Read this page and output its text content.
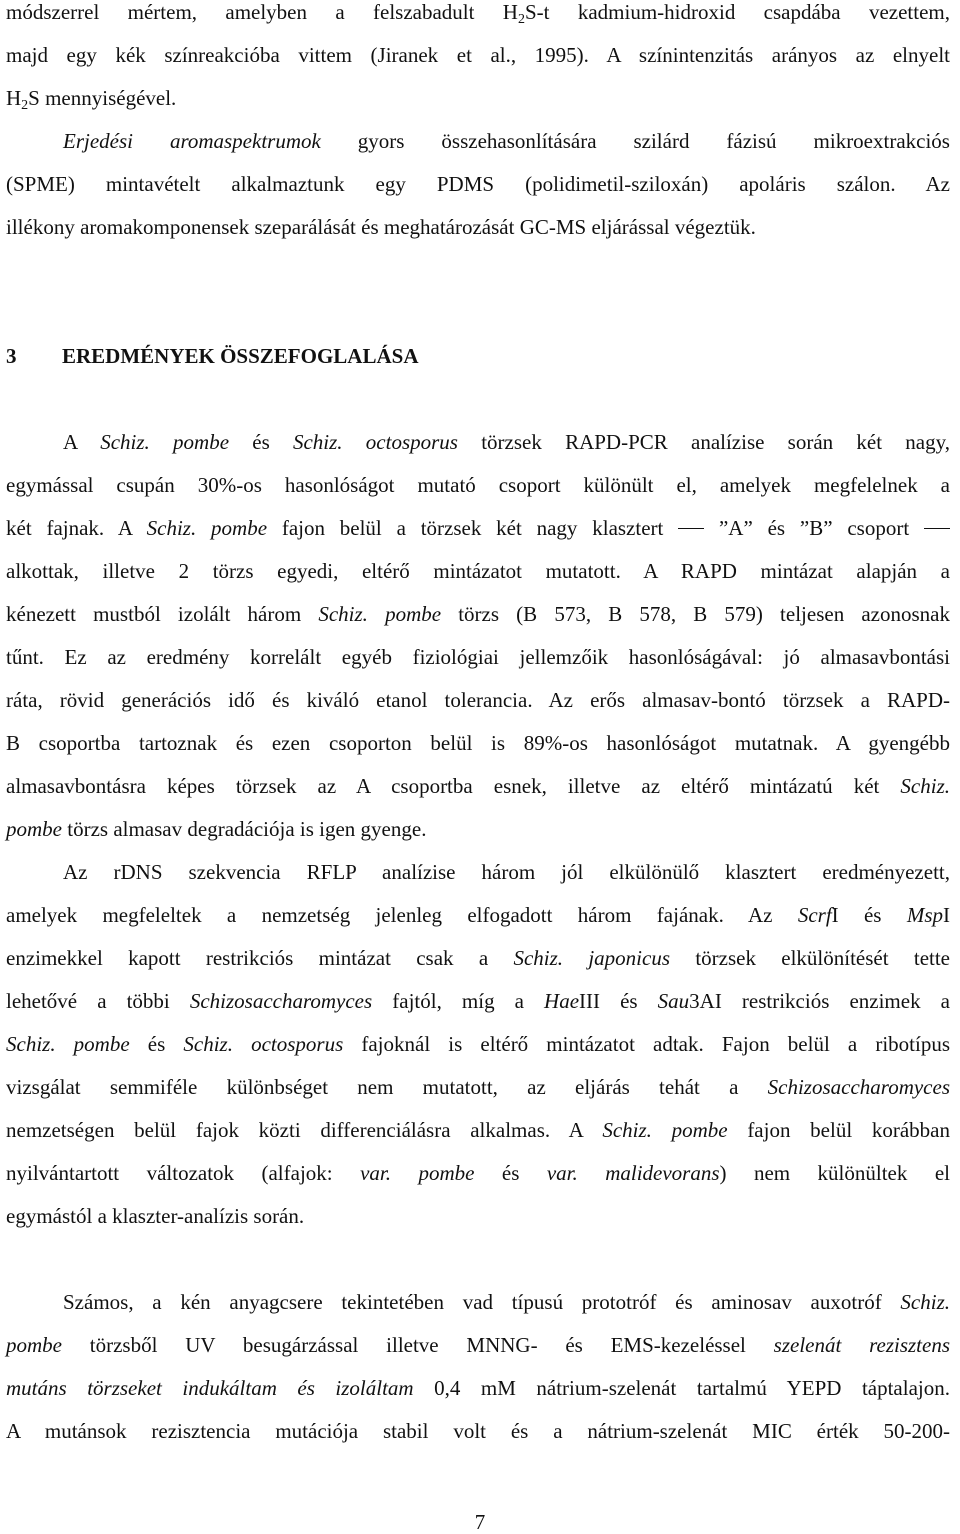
módszerrel mértem, amelyben a felszabadult $H_2S-t$ kadmium-hidroxid csapdába vezettem,
majd egy kék színreakcióba vittem (Jiranek et al., 1995). A színintenzitás arányos az elnyelt
$H_2S$ mennyiségével.
Erjedési aromaspektrumok gyors összehasonlítására szilárd fázisú mikroextrakciós
(SPME) mintavételt alkalmaztunk egy PDMS (polidimetil-sziloxán) apoláris szálon. Az
illékony aromakomponensek szeparálását és meghatározását GC-MS eljárással végeztük.
3 EREDMÉNYEK ÖSSZEFOGLALÁSA
A Schiz. pombe és Schiz. octosporus törzsek RAPD-PCR analízise során két nagy,
egymással csupán 30%-os hasonlóságot mutató csoport különült el, amelyek megfelelnek a
két fajnak. A Schiz. pombe fajon belül a törzsek két nagy klasztert  ”A” és ”B” csoport
alkottak, illetve 2 törzs egyedi, eltérő mintázatot mutatott. A RAPD mintázat alapján a
kénezett mustból izolált három Schiz. pombe törzs (B 573, B 578, B 579) teljesen azonosnak
tűnt. Ez az eredmény korrelált egyéb fiziológiai jellemzőik hasonlóságával: jó almasavbontási
ráta, rövid generációs idő és kiváló etanol tolerancia. Az erős almasav-bontó törzsek a RAPD-
B csoportba tartoznak és ezen csoporton belül is 89%-os hasonlóságot mutatnak. A gyengébb
almasavbontásra képes törzsek az A csoportba esnek, illetve az eltérő mintázatú két Schiz.
pombe törzs almasav degradációja is igen gyenge.
Az rDNS szekvencia RFLP analízise három jól elkülönülő klasztert eredményezett,
amelyek megfeleltek a nemzetség jelenleg elfogadott három fajának. Az ScrfI és MspI
enzimekkel kapott restrikciós mintázat csak a Schiz. japonicus törzsek elkülönítését tette
lehetővé a többi Schizosaccharomyces fajtól, míg a HaeIII és Sau3AI restrikciós enzimek a
Schiz. pombe és Schiz. octosporus fajoknál is eltérő mintázatot adtak. Fajon belül a ribotípus
vizsgálat semmiféle különbséget nem mutatott, az eljárás tehát a Schizosaccharomyces
nemzetségen belül fajok közti differenciálásra alkalmas. A Schiz. pombe fajon belül korábban
nyilvántartott változatok (alfajok: var. pombe és var. malidevorans) nem különültek el
egymástól a klaszter-analízis során.
Számos, a kén anyagcsere tekintetében vad típusú prototróf és aminosav auxotróf Schiz.
pombe törzsből UV besugárzással illetve MNNG- és EMS-kezeléssel szelenát rezisztens
mutáns törzseket indukáltam és izoláltam 0,4 mM nátrium-szelenát tartalmú YEPD táptalajon.
A mutánsok rezisztencia mutációja stabil volt és a nátrium-szelenát MIC érték 50-200-
7
